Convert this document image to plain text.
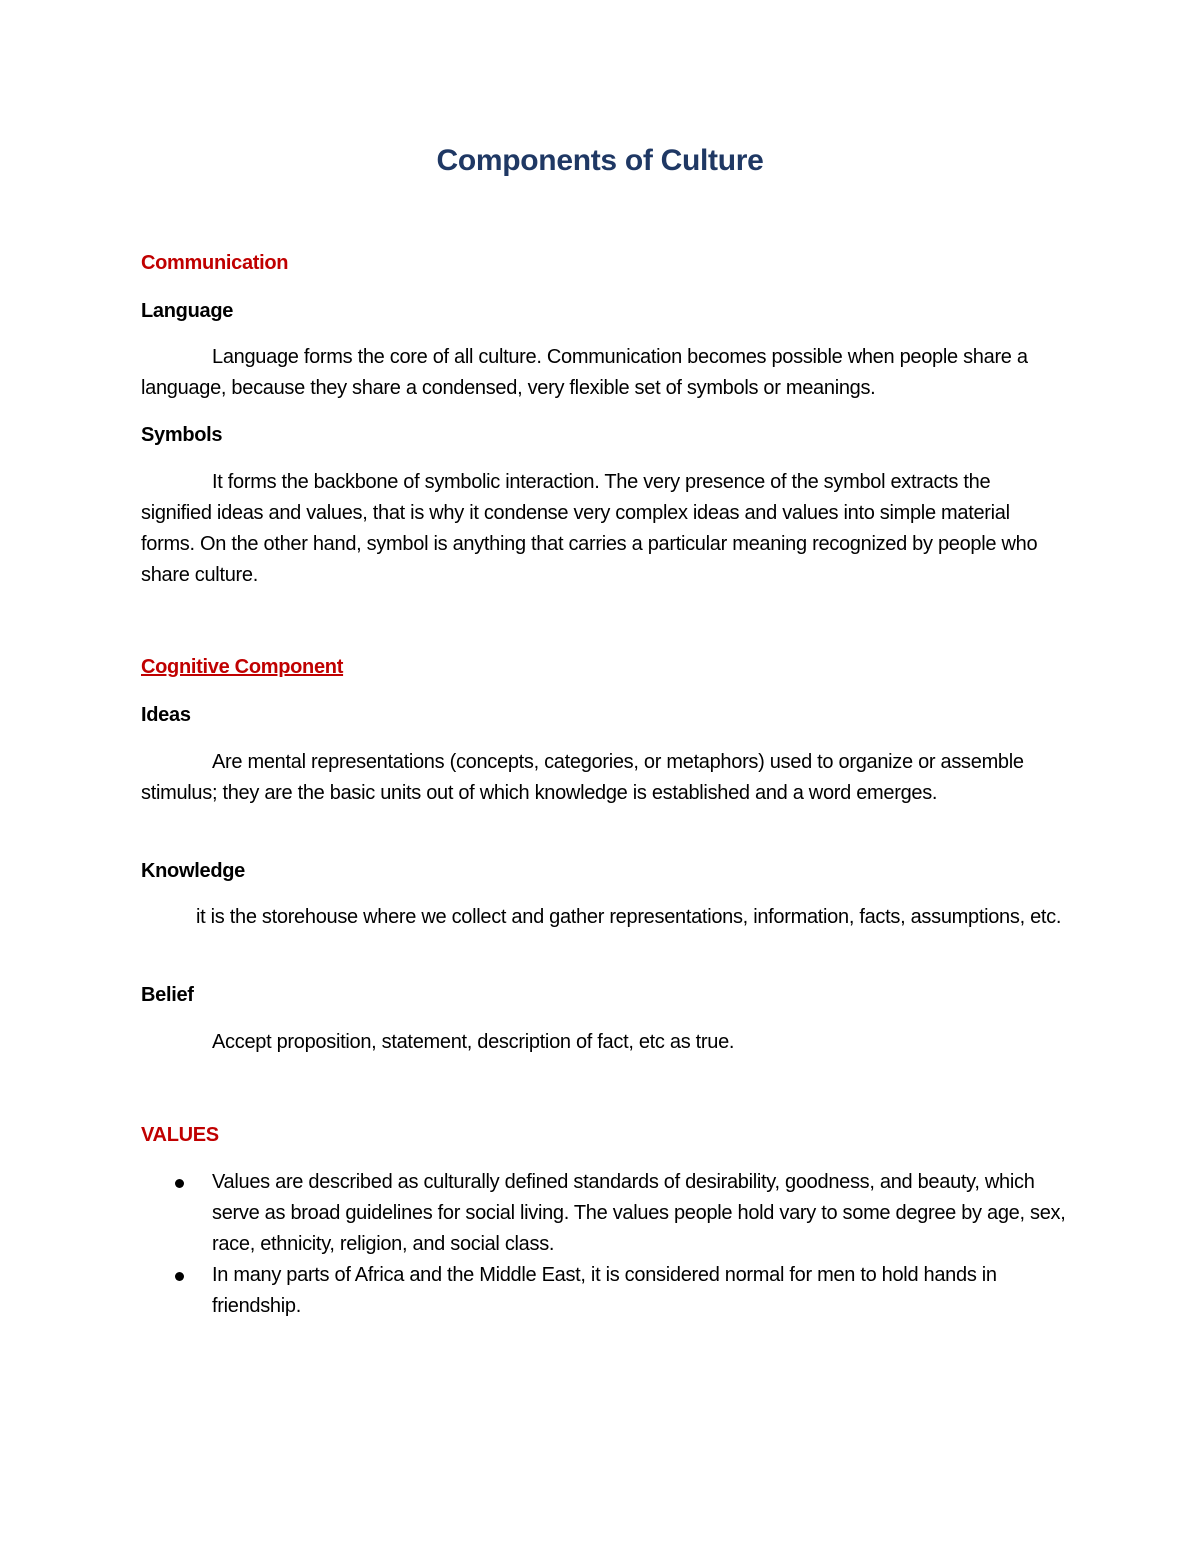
Components of Culture
Communication
Language
Language forms the core of all culture. Communication becomes possible when people share a language, because they share a condensed, very flexible set of symbols or meanings.
Symbols
It forms the backbone of symbolic interaction. The very presence of the symbol extracts the signified ideas and values, that is why it condense very complex ideas and values into simple material forms. On the other hand, symbol is anything that carries a particular meaning recognized by people who share culture.
Cognitive Component
Ideas
Are mental representations (concepts, categories, or metaphors) used to organize or assemble stimulus; they are the basic units out of which knowledge is established and a word emerges.
Knowledge
it is the storehouse where we collect and gather representations, information, facts, assumptions, etc.
Belief
Accept proposition, statement, description of fact, etc as true.
VALUES
Values are described as culturally defined standards of desirability, goodness, and beauty, which serve as broad guidelines for social living. The values people hold vary to some degree by age, sex, race, ethnicity, religion, and social class.
In many parts of Africa and the Middle East, it is considered normal for men to hold hands in friendship.
